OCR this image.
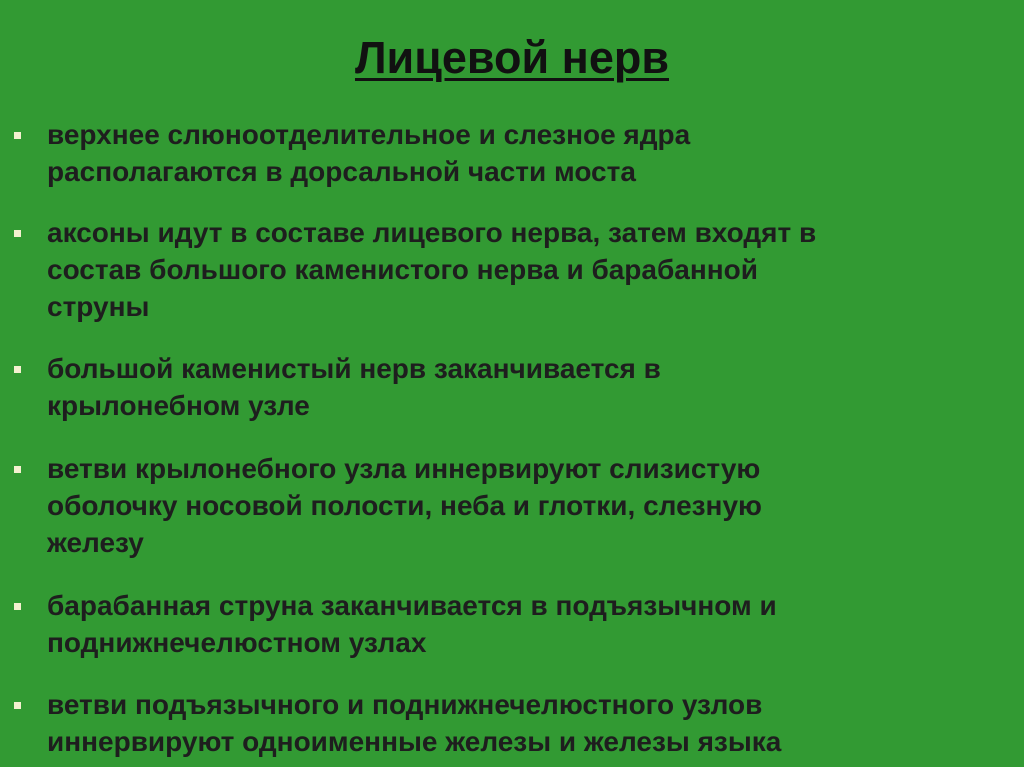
Лицевой нерв
верхнее слюноотделительное и слезное ядра
располагаются в дорсальной части моста
аксоны идут в составе лицевого нерва, затем входят в
состав большого каменистого нерва и барабанной
струны
большой каменистый нерв заканчивается в
крылонебном узле
ветви крылонебного узла иннервируют слизистую
оболочку носовой полости, неба и глотки, слезную
железу
барабанная струна заканчивается в подъязычном и
поднижнечелюстном узлах
ветви подъязычного и поднижнечелюстного узлов
иннервируют одноименные железы и железы языка
